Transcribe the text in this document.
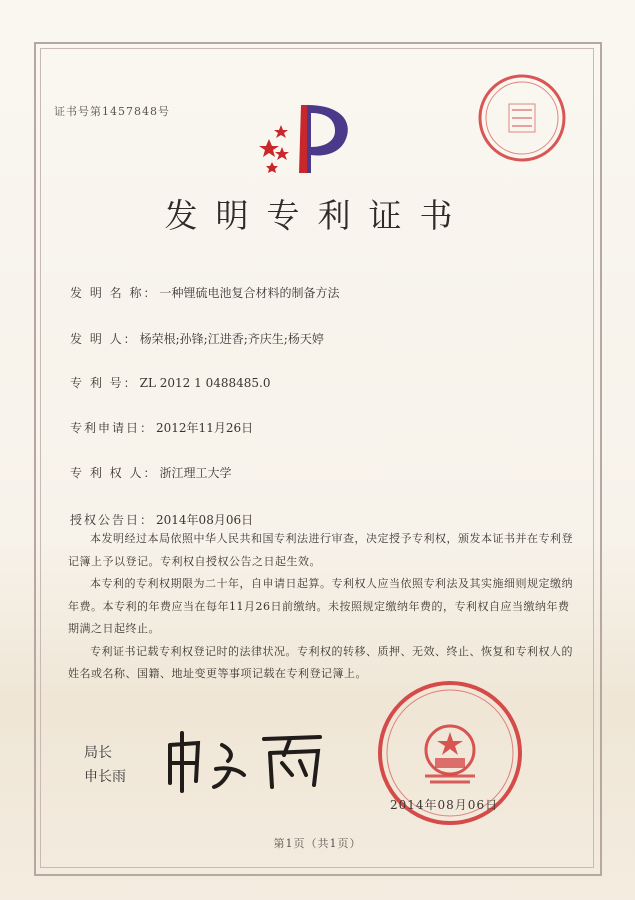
证书号第1457848号
发明专利证书
发 明 名 称： 一种锂硫电池复合材料的制备方法
发 明 人： 杨荣根;孙锋;江进香;齐庆生;杨天婷
专 利 号： ZL 2012 1 0488485.0
专利申请日： 2012年11月26日
专 利 权 人： 浙江理工大学
授权公告日： 2014年08月06日

本发明经过本局依照中华人民共和国专利法进行审查，决定授予专利权，颁发本证书并在专利登记簿上予以登记。专利权自授权公告之日起生效。

本专利的专利权期限为二十年，自申请日起算。专利权人应当依照专利法及其实施细则规定缴纳年费。本专利的年费应当在每年11月26日前缴纳。未按照规定缴纳年费的，专利权自应当缴纳年费期满之日起终止。

专利证书记载专利权登记时的法律状况。专利权的转移、质押、无效、终止、恢复和专利权人的姓名或名称、国籍、地址变更等事项记载在专利登记簿上。

局长
申长雨
2014年08月06日
第1页（共1页）
